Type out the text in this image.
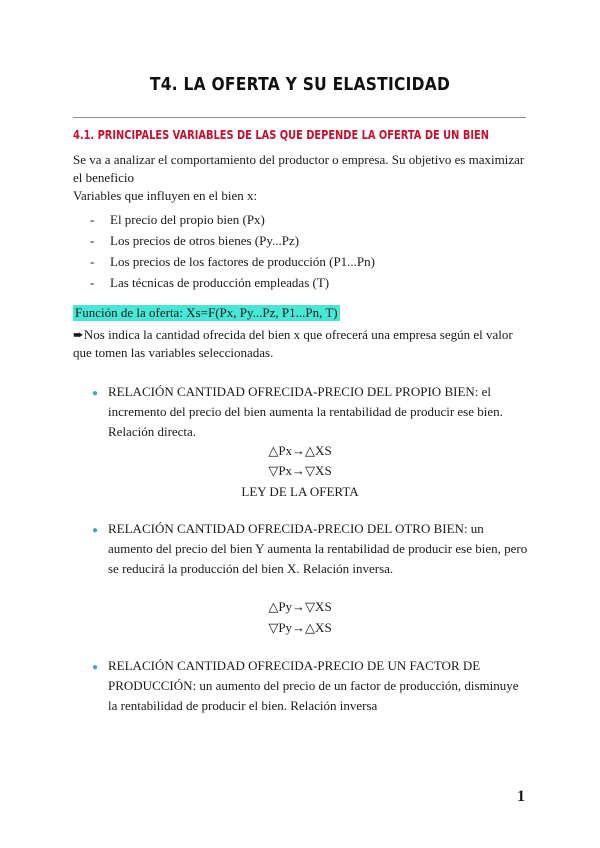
T4. LA OFERTA Y SU ELASTICIDAD
4.1. PRINCIPALES VARIABLES DE LAS QUE DEPENDE LA OFERTA DE UN BIEN

Se va a analizar el comportamiento del productor o empresa. Su objetivo es maximizar el beneficio

Variables que influyen en el bien x:

- El precio del propio bien (Px)
- Los precios de otros bienes (Py...Pz)
- Los precios de los factores de producción (P1...Pn)
- Las técnicas de producción empleadas (T)
Función de la oferta: Xs=F(Px, Py...Pz, P1...Pn, T)

➨Nos indica la cantidad ofrecida del bien x que ofrecerá una empresa según el valor que tomen las variables seleccionadas.

● RELACIÓN CANTIDAD OFRECIDA-PRECIO DEL PROPIO BIEN: el incremento del precio del bien aumenta la rentabilidad de producir ese bien. Relación directa.

△Px→△XS
▽Px→▽XS
LEY DE LA OFERTA
● RELACIÓN CANTIDAD OFRECIDA-PRECIO DEL OTRO BIEN: un aumento del precio del bien Y aumenta la rentabilidad de producir ese bien, pero se reducirá la producción del bien X. Relación inversa.

△Py→▽XS
▽Py→△XS
● RELACIÓN CANTIDAD OFRECIDA-PRECIO DE UN FACTOR DE PRODUCCIÓN: un aumento del precio de un factor de producción, disminuye la rentabilidad de producir el bien. Relación inversa

1
